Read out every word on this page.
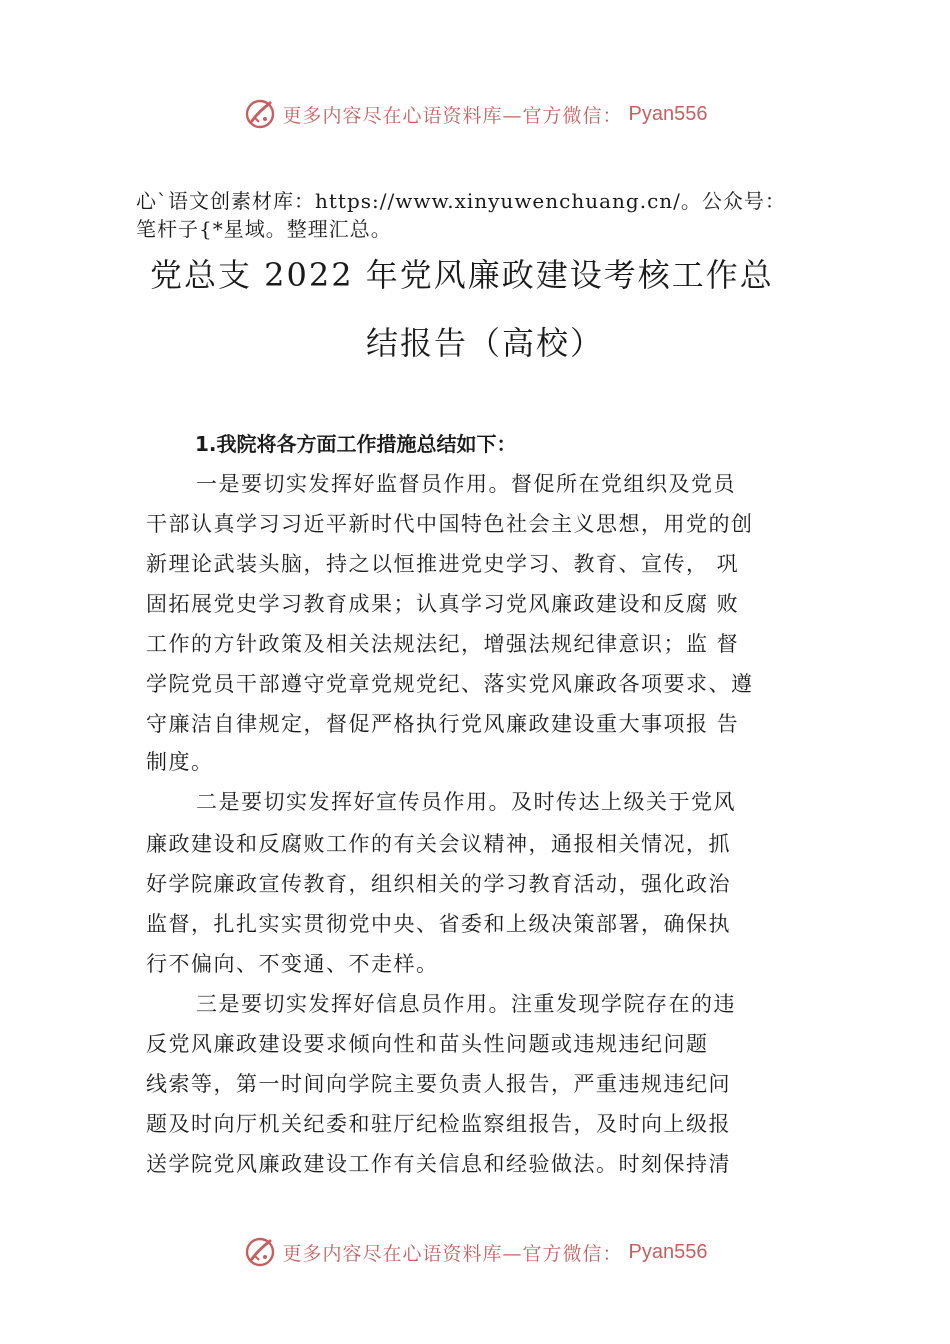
更多内容尽在心语资料库—官方微信： Pyan556
心`语文创素材库：https://www.xinyuwenchuang.cn/。公众号：
笔杆子{*星域。整理汇总。
党总支 2022 年党风廉政建设考核工作总
结报告（高校）
1.我院将各方面工作措施总结如下：
一是要切实发挥好监督员作用。督促所在党组织及党员
干部认真学习习近平新时代中国特色社会主义思想，用党的创
新理论武装头脑，持之以恒推进党史学习、教育、宣传， 巩
固拓展党史学习教育成果；认真学习党风廉政建设和反腐 败
工作的方针政策及相关法规法纪，增强法规纪律意识；监 督
学院党员干部遵守党章党规党纪、落实党风廉政各项要求、遵
守廉洁自律规定，督促严格执行党风廉政建设重大事项报 告
制度。
二是要切实发挥好宣传员作用。及时传达上级关于党风
廉政建设和反腐败工作的有关会议精神，通报相关情况，抓
好学院廉政宣传教育，组织相关的学习教育活动，强化政治
监督，扎扎实实贯彻党中央、省委和上级决策部署，确保执
行不偏向、不变通、不走样。
三是要切实发挥好信息员作用。注重发现学院存在的违
反党风廉政建设要求倾向性和苗头性问题或违规违纪问题
线索等，第一时间向学院主要负责人报告，严重违规违纪问
题及时向厅机关纪委和驻厅纪检监察组报告，及时向上级报
送学院党风廉政建设工作有关信息和经验做法。时刻保持清
更多内容尽在心语资料库—官方微信： Pyan556
